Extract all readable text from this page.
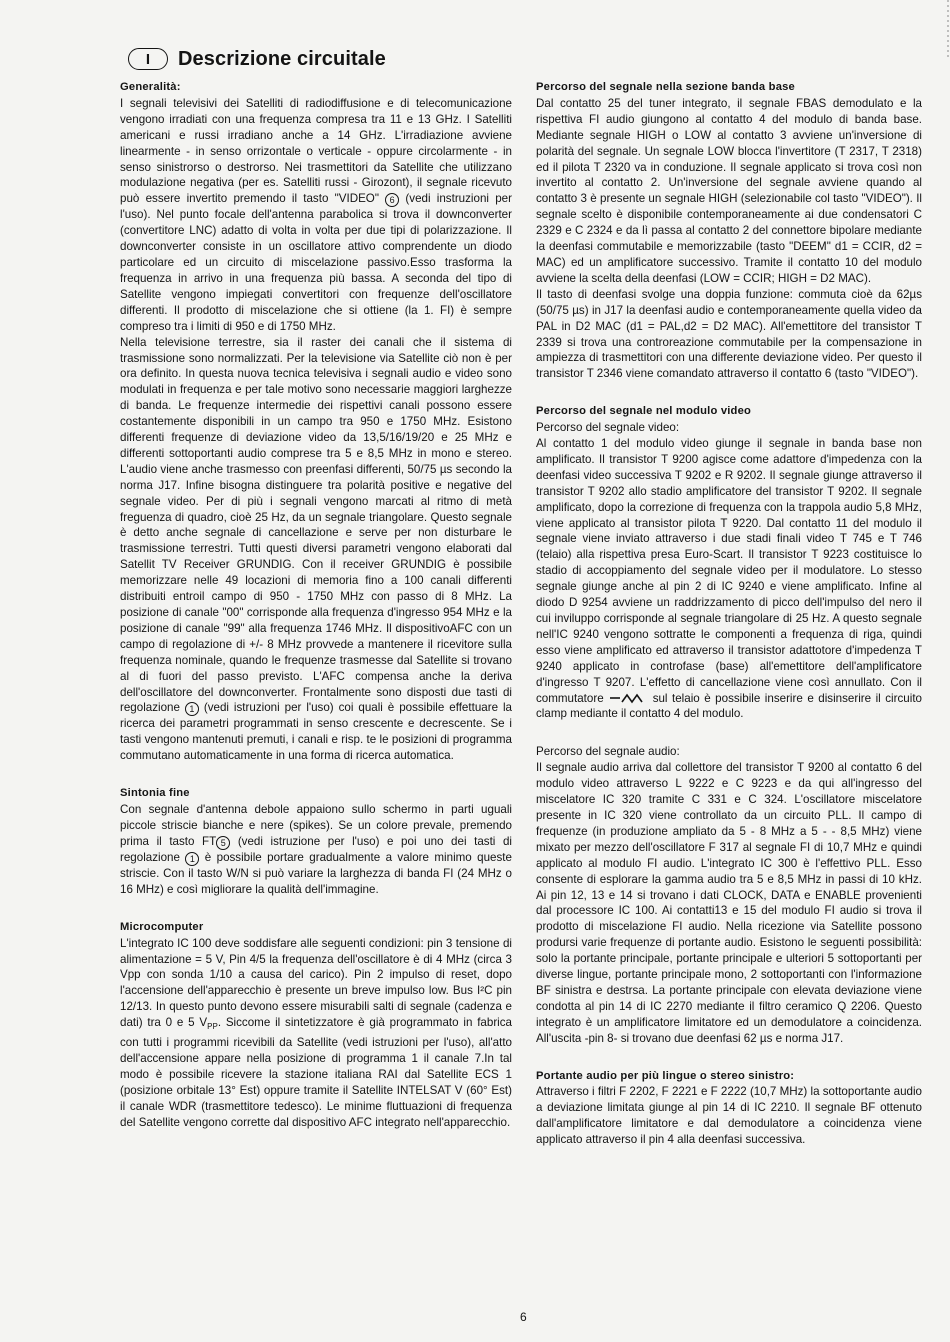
I	Descrizione circuitale
Generalità:

I segnali televisivi dei Satelliti di radiodiffusione e di telecomunicazione vengono irradiati con una frequenza compresa tra 11 e 13 GHz. I Satelliti americani e russi irradiano anche a 14 GHz. L'irradiazione avviene linearmente - in senso orrizontale o verticale - oppure circolarmente - in senso sinistrorso o destrorso. Nei trasmettitori da Satellite che utilizzano modulazione negativa (per es. Satelliti russi - Girozont), il segnale ricevuto può essere invertito premendo il tasto "VIDEO" 6 (vedi instruzioni per l'uso). Nel punto focale dell'antenna parabolica si trova il downconverter (convertitore LNC) adatto di volta in volta per due tipi di polarizzazione. Il downconverter consiste in un oscillatore attivo comprendente un diodo particolare ed un circuito di miscelazione passivo.Esso trasforma la frequenza in arrivo in una frequenza più bassa. A seconda del tipo di Satellite vengono impiegati convertitori con frequenze dell'oscillatore differenti. Il prodotto di miscelazione che si ottiene (la 1. FI) è sempre compreso tra i limiti di 950 e di 1750 MHz.

Nella televisione terrestre, sia il raster dei canali che il sistema di trasmissione sono normalizzati. Per la televisione via Satellite ciò non è per ora definito. In questa nuova tecnica televisiva i segnali audio e video sono modulati in frequenza e per tale motivo sono necessarie maggiori larghezze di banda. Le frequenze intermedie dei rispettivi canali possono essere costantemente disponibili in un campo tra 950 e 1750 MHz. Esistono differenti frequenze di deviazione video da 13,5/16/19/20 e 25 MHz e differenti sottoportanti audio comprese tra 5 e 8,5 MHz in mono e stereo. L'audio viene anche trasmesso con preenfasi differenti, 50/75 µs secondo la norma J17. Infine bisogna distinguere tra polarità positive e negative del segnale video. Per di più i segnali vengono marcati al ritmo di metà freguenza di quadro, cioè 25 Hz, da un segnale triangolare. Questo segnale è detto anche segnale di cancellazione e serve per non disturbare le trasmissione terrestri. Tutti questi diversi parametri vengono elaborati dal Satellit TV Receiver GRUNDIG. Con il receiver GRUNDIG è possibile memorizzare nelle 49 locazioni di memoria fino a 100 canali differenti distribuiti entroil campo di 950 - 1750 MHz con passo di 8 MHz. La posizione di canale "00" corrisponde alla frequenza d'ingresso 954 MHz e la posizione di canale "99" alla frequenza 1746 MHz. Il dispositivoAFC con un campo di regolazione di +/- 8 MHz provvede a mantenere il ricevitore sulla frequenza nominale, quando le frequenze trasmesse dal Satellite si trovano al di fuori del passo previsto. L'AFC compensa anche la deriva dell'oscillatore del downconverter. Frontalmente sono disposti due tasti di regolazione 1 (vedi istruzioni per l'uso) coi quali è possibile effettuare la ricerca dei parametri programmati in senso crescente e decrescente. Se i tasti vengono mantenuti premuti, i canali e risp. te le posizioni di programma commutano automaticamente in una forma di ricerca automatica.

Sintonia fine

Con segnale d'antenna debole appaiono sullo schermo in parti uguali piccole striscie bianche e nere (spikes). Se un colore prevale, premendo prima il tasto FT 5 (vedi istruzione per l'uso) e poi uno dei tasti di regolazione 1 è possibile portare gradualmente a valore minimo queste striscie. Con il tasto W/N si può variare la larghezza di banda FI (24 MHz o 16 MHz) e così migliorare la qualità dell'immagine.

Microcomputer

L'integrato IC 100 deve soddisfare alle seguenti condizioni: pin 3 tensione di alimentazione = 5 V, Pin 4/5 la frequenza dell'oscillatore è di 4 MHz (circa 3 Vpp con sonda 1/10 a causa del carico). Pin 2 impulso di reset, dopo l'accensione dell'apparecchio è presente un breve impulso low. Bus I²C pin 12/13. In questo punto devono essere misurabili salti di segnale (cadenza e dati) tra 0 e 5 $V_{PP}$. Siccome il sintetizzatore è già programmato in fabrica con tutti i programmi ricevibili da Satellite (vedi istruzioni per l'uso), all'atto dell'accensione appare nella posizione di programma 1 il canale 7.In tal modo è possibile ricevere la stazione italiana RAI dal Satellite ECS 1 (posizione orbitale 13° Est) oppure tramite il Satellite INTELSAT V (60° Est) il canale WDR (trasmettitore tedesco). Le minime fluttuazioni di frequenza del Satellite vengono corrette dal dispositivo AFC integrato nell'apparecchio.

Percorso del segnale nella sezione banda base

Dal contatto 25 del tuner integrato, il segnale FBAS demodulato e la rispettiva FI audio giungono al contatto 4 del modulo di banda base. Mediante segnale HIGH o LOW al contatto 3 avviene un'inversione di polarità del segnale. Un segnale LOW blocca l'invertitore (T 2317, T 2318) ed il pilota T 2320 va in conduzione. Il segnale applicato si trova così non invertito al contatto 2. Un'inversione del segnale avviene quando al contatto 3 è presente un segnale HIGH (selezionabile col tasto "VIDEO"). Il segnale scelto è disponibile contemporaneamente ai due condensatori C 2329 e C 2324 e da lì passa al contatto 2 del connettore bipolare mediante la deenfasi commutabile e memorizzabile (tasto "DEEM" d1 = CCIR, d2 = MAC) ed un amplificatore successivo. Tramite il contatto 10 del modulo avviene la scelta della deenfasi (LOW = CCIR; HIGH = D2 MAC).

Il tasto di deenfasi svolge una doppia funzione: commuta cioè da 62µs (50/75 µs) in J17 la deenfasi audio e contemporaneamente quella video da PAL in D2 MAC (d1 = PAL,d2 = D2 MAC). All'emettitore del transistor T 2339 si trova una controreazione commutabile per la compensazione in ampiezza di trasmettitori con una differente deviazione video. Per questo il transistor T 2346 viene comandato attraverso il contatto 6 (tasto "VIDEO").

Percorso del segnale nel modulo video

Percorso del segnale video:

Al contatto 1 del modulo video giunge il segnale in banda base non amplificato. Il transistor T 9200 agisce come adattore d'impedenza con la deenfasi video successiva T 9202 e R 9202. Il segnale giunge attraverso il transistor T 9202 allo stadio amplificatore del transistor T 9202. Il segnale amplificato, dopo la correzione di frequenza con la trappola audio 5,8 MHz, viene applicato al transistor pilota T 9220. Dal contatto 11 del modulo il segnale viene inviato attraverso i due stadi finali video T 745 e T 746 (telaio) alla rispettiva presa Euro-Scart. Il transistor T 9223 costituisce lo stadio di accoppiamento del segnale video per il modulatore. Lo stesso segnale giunge anche al pin 2 di IC 9240 e viene amplificato. Infine al diodo D 9254 avviene un raddrizzamento di picco dell'impulso del nero il cui inviluppo corrisponde al segnale triangolare di 25 Hz. A questo segnale nell'IC 9240 vengono sottratte le componenti a frequenza di riga, quindi esso viene amplificato ed attraverso il transistor adattotore d'impedenza T 9240 applicato in controfase (base) all'emettitore dell'amplificatore d'ingresso T 9207. L'effetto di cancellazione viene così annullato. Con il commutatore	sul telaio è possibile inserire e disinserire il circuito clamp mediante il contatto 4 del modulo.

Percorso del segnale audio:

Il segnale audio arriva dal collettore del transistor T 9200 al contatto 6 del modulo video attraverso L 9222 e C 9223 e da qui all'ingresso del miscelatore IC 320 tramite C 331 e C 324. L'oscillatore miscelatore presente in IC 320 viene controllato da un circuito PLL. Il campo di frequenze (in produzione ampliato da 5 - 8 MHz a 5 - - 8,5 MHz) viene mixato per mezzo dell'oscillatore F 317 al segnale FI di 10,7 MHz e quindi applicato al modulo FI audio. L'integrato IC 300 è l'effettivo PLL. Esso consente di esplorare la gamma audio tra 5 e 8,5 MHz in passi di 10 kHz. Ai pin 12, 13 e 14 si trovano i dati CLOCK, DATA e ENABLE provenienti dal processore IC 100. Ai contatti13 e 15 del modulo FI audio si trova il prodotto di miscelazione FI audio. Nella ricezione via Satellite possono prodursi varie frequenze di portante audio. Esistono le seguenti possibilità: solo la portante principale, portante principale e ulteriori 5 sottoportanti per diverse lingue, portante principale mono, 2 sottoportanti con l'informazione BF sinistra e destrsa. La portante principale con elevata deviazione viene condotta al pin 14 di IC 2270 mediante il filtro ceramico Q 2206. Questo integrato è un amplificatore limitatore ed un demodulatore a coincidenza. All'uscita -pin 8- si trovano due deenfasi 62 µs e norma J17.

Portante audio per più lingue o stereo sinistro:

Attraverso i filtri F 2202, F 2221 e F 2222 (10,7 MHz) la sottoportante audio a deviazione limitata giunge al pin 14 di IC 2210. Il segnale BF ottenuto dall'amplificatore limitatore e dal demodulatore a coincidenza viene applicato attraverso il pin 4 alla deenfasi successiva.

6
